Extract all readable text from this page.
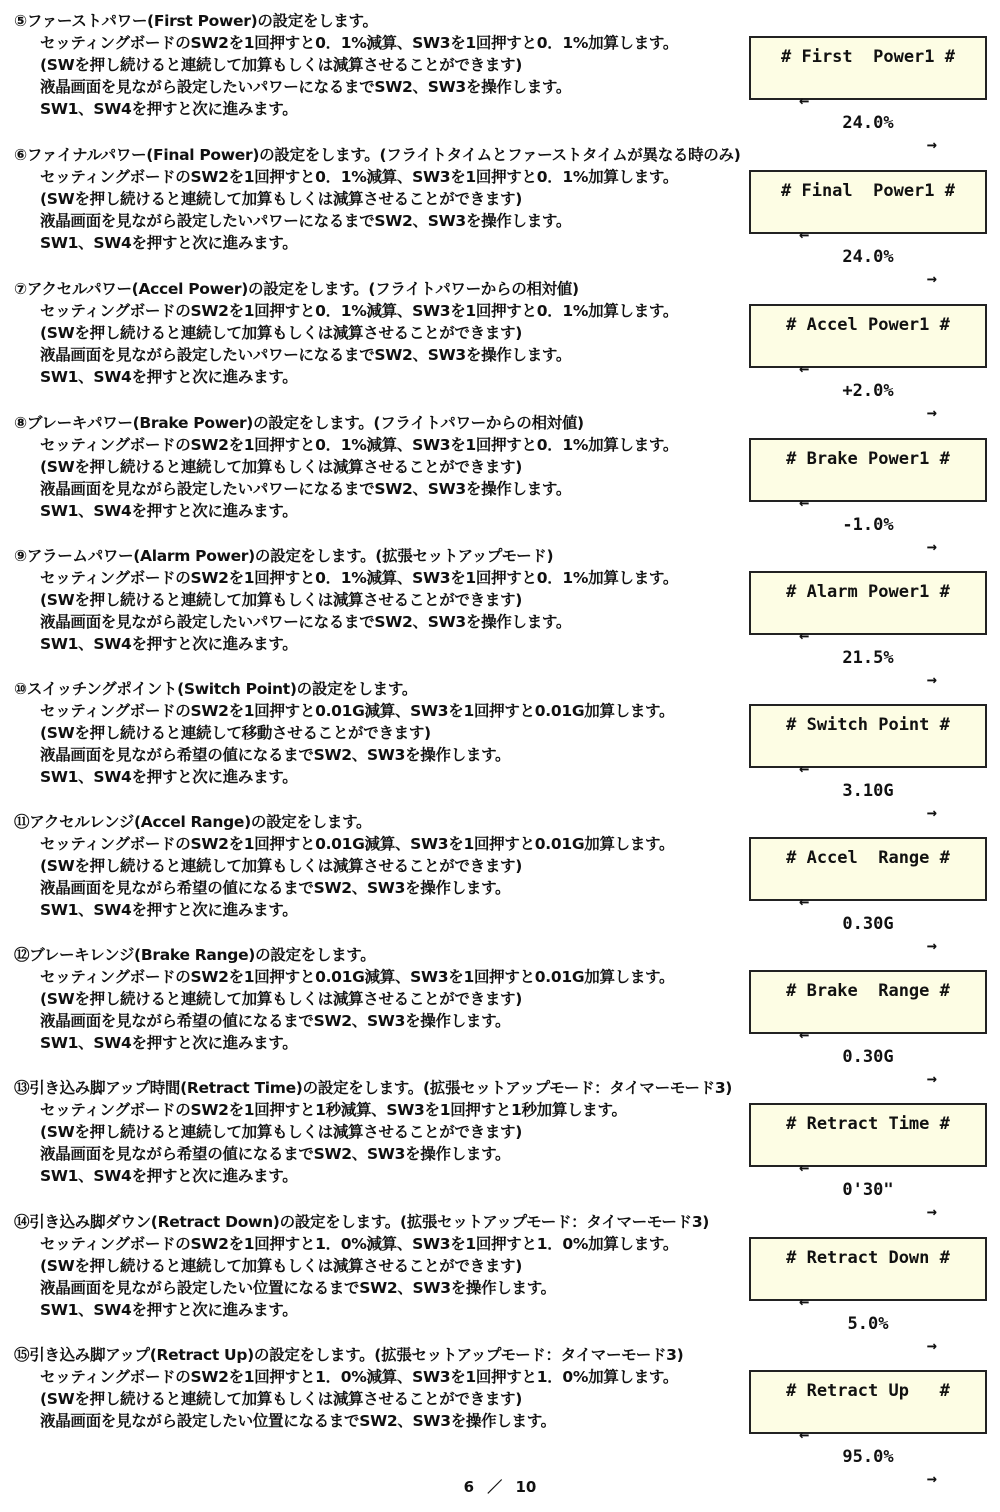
⑤ファーストパワー(First Power)の設定をします。
セッティングボードのSW2を1回押すと0．1%減算、SW3を1回押すと0．1%加算します。
(SWを押し続けると連続して加算もしくは減算させることができます)
液晶画面を見ながら設定したいパワーになるまでSW2、SW3を操作します。
SW1、SW4を押すと次に進みます。
# First  Power1 #

←

24.0%

→

⑥ファイナルパワー(Final Power)の設定をします。(フライトタイムとファーストタイムが異なる時のみ)
セッティングボードのSW2を1回押すと0．1%減算、SW3を1回押すと0．1%加算します。
(SWを押し続けると連続して加算もしくは減算させることができます)
液晶画面を見ながら設定したいパワーになるまでSW2、SW3を操作します。
SW1、SW4を押すと次に進みます。
# Final  Power1 #

←

24.0%

→

⑦アクセルパワー(Accel Power)の設定をします。(フライトパワーからの相対値)
セッティングボードのSW2を1回押すと0．1%減算、SW3を1回押すと0．1%加算します。
(SWを押し続けると連続して加算もしくは減算させることができます)
液晶画面を見ながら設定したいパワーになるまでSW2、SW3を操作します。
SW1、SW4を押すと次に進みます。
# Accel Power1 #

←

+2.0%

→

⑧ブレーキパワー(Brake Power)の設定をします。(フライトパワーからの相対値)
セッティングボードのSW2を1回押すと0．1%減算、SW3を1回押すと0．1%加算します。
(SWを押し続けると連続して加算もしくは減算させることができます)
液晶画面を見ながら設定したいパワーになるまでSW2、SW3を操作します。
SW1、SW4を押すと次に進みます。
# Brake Power1 #

←

-1.0%

→

⑨アラームパワー(Alarm Power)の設定をします。(拡張セットアップモード)
セッティングボードのSW2を1回押すと0．1%減算、SW3を1回押すと0．1%加算します。
(SWを押し続けると連続して加算もしくは減算させることができます)
液晶画面を見ながら設定したいパワーになるまでSW2、SW3を操作します。
SW1、SW4を押すと次に進みます。
# Alarm Power1 #

←

21.5%

→

⑩スイッチングポイント(Switch Point)の設定をします。
セッティングボードのSW2を1回押すと0.01G減算、SW3を1回押すと0.01G加算します。
(SWを押し続けると連続して移動させることができます)
液晶画面を見ながら希望の値になるまでSW2、SW3を操作します。
SW1、SW4を押すと次に進みます。
# Switch Point #

←

3.10G

→

⑪アクセルレンジ(Accel Range)の設定をします。
セッティングボードのSW2を1回押すと0.01G減算、SW3を1回押すと0.01G加算します。
(SWを押し続けると連続して加算もしくは減算させることができます)
液晶画面を見ながら希望の値になるまでSW2、SW3を操作します。
SW1、SW4を押すと次に進みます。
# Accel  Range #

←

0.30G

→

⑫ブレーキレンジ(Brake Range)の設定をします。
セッティングボードのSW2を1回押すと0.01G減算、SW3を1回押すと0.01G加算します。
(SWを押し続けると連続して加算もしくは減算させることができます)
液晶画面を見ながら希望の値になるまでSW2、SW3を操作します。
SW1、SW4を押すと次に進みます。
# Brake  Range #

←

0.30G

→

⑬引き込み脚アップ時間(Retract Time)の設定をします。(拡張セットアップモード：タイマーモード3)
セッティングボードのSW2を1回押すと1秒減算、SW3を1回押すと1秒加算します。
(SWを押し続けると連続して加算もしくは減算させることができます)
液晶画面を見ながら希望の値になるまでSW2、SW3を操作します。
SW1、SW4を押すと次に進みます。
# Retract Time #

←

0'30"

→

⑭引き込み脚ダウン(Retract Down)の設定をします。(拡張セットアップモード：タイマーモード3)
セッティングボードのSW2を1回押すと1．0%減算、SW3を1回押すと1．0%加算します。
(SWを押し続けると連続して加算もしくは減算させることができます)
液晶画面を見ながら設定したい位置になるまでSW2、SW3を操作します。
SW1、SW4を押すと次に進みます。
# Retract Down #

←

5.0%

→

⑮引き込み脚アップ(Retract Up)の設定をします。(拡張セットアップモード：タイマーモード3)
セッティングボードのSW2を1回押すと1．0%減算、SW3を1回押すと1．0%加算します。
(SWを押し続けると連続して加算もしくは減算させることができます)
液晶画面を見ながら設定したい位置になるまでSW2、SW3を操作します。
# Retract Up   #

←

95.0%

→

6 ／ 10
